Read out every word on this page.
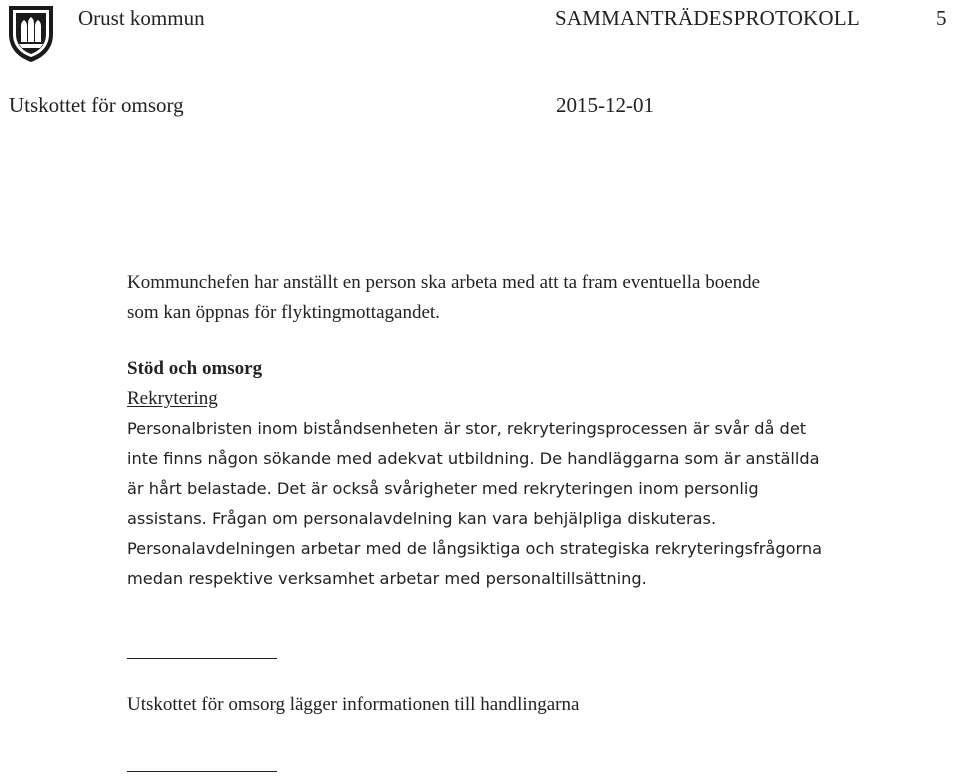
Orust kommun	SAMMANTRÄDESPROTOKOLL	5
Utskottet för omsorg	2015-12-01
Kommunchefen har anställt en person ska arbeta med att ta fram eventuella boende
som kan öppnas för flyktingmottagandet.
Stöd och omsorg
Rekrytering
Personalbristen inom biståndsenheten är stor, rekryteringsprocessen är svår då det
inte finns någon sökande med adekvat utbildning. De handläggarna som är anställda
är hårt belastade. Det är också svårigheter med rekryteringen inom personlig
assistans. Frågan om personalavdelning kan vara behjälpliga diskuteras.
Personalavdelningen arbetar med de långsiktiga och strategiska rekryteringsfrågorna
medan respektive verksamhet arbetar med personaltillsättning.
Utskottet för omsorg lägger informationen till handlingarna
